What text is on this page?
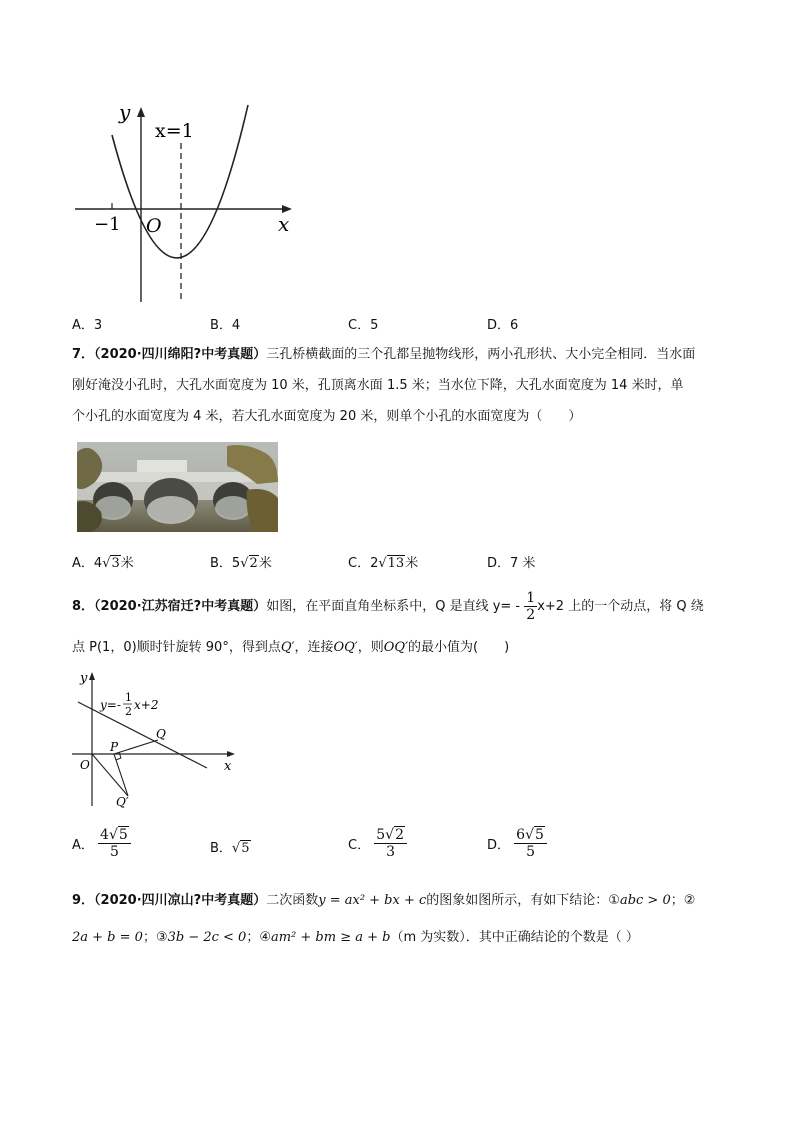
y
x=1
−1 O	x
A．3	B．4	C．5	D．6
7．（2020·四川绵阳?中考真题）三孔桥横截面的三个孔都呈抛物线形，两小孔形状、大小完全相同．当水面
刚好淹没小孔时，大孔水面宽度为 10 米，孔顶离水面 1.5 米；当水位下降，大孔水面宽度为 14 米时，单
个小孔的水面宽度为 4 米，若大孔水面宽度为 20 米，则单个小孔的水面宽度为（　　）
A．4√3米	B．5√2米	C．2√13米	D．7 米
8．（2020·江苏宿迁?中考真题）如图，在平面直角坐标系中，Q 是直线 $y= - \frac{1}{2} x+2$ 上的一个动点，将 Q 绕
点 P(1，0)顺时针旋转 90°，得到点Q′，连接OQ′，则OQ′的最小值为(　　)
y
y=-
1
2 x+2
P
Q
O	x
Q′
A． $\frac{4√5}{5}$	B．√5	C． $\frac{5√2}{3}$	D． $\frac{6√5}{5}$
9．（2020·四川凉山?中考真题）二次函数y = ax² + bx + c的图象如图所示，有如下结论：①abc > 0；②
2a + b = 0；③3b − 2c < 0；④am² + bm ≥ a + b（m 为实数）．其中正确结论的个数是（ ）
